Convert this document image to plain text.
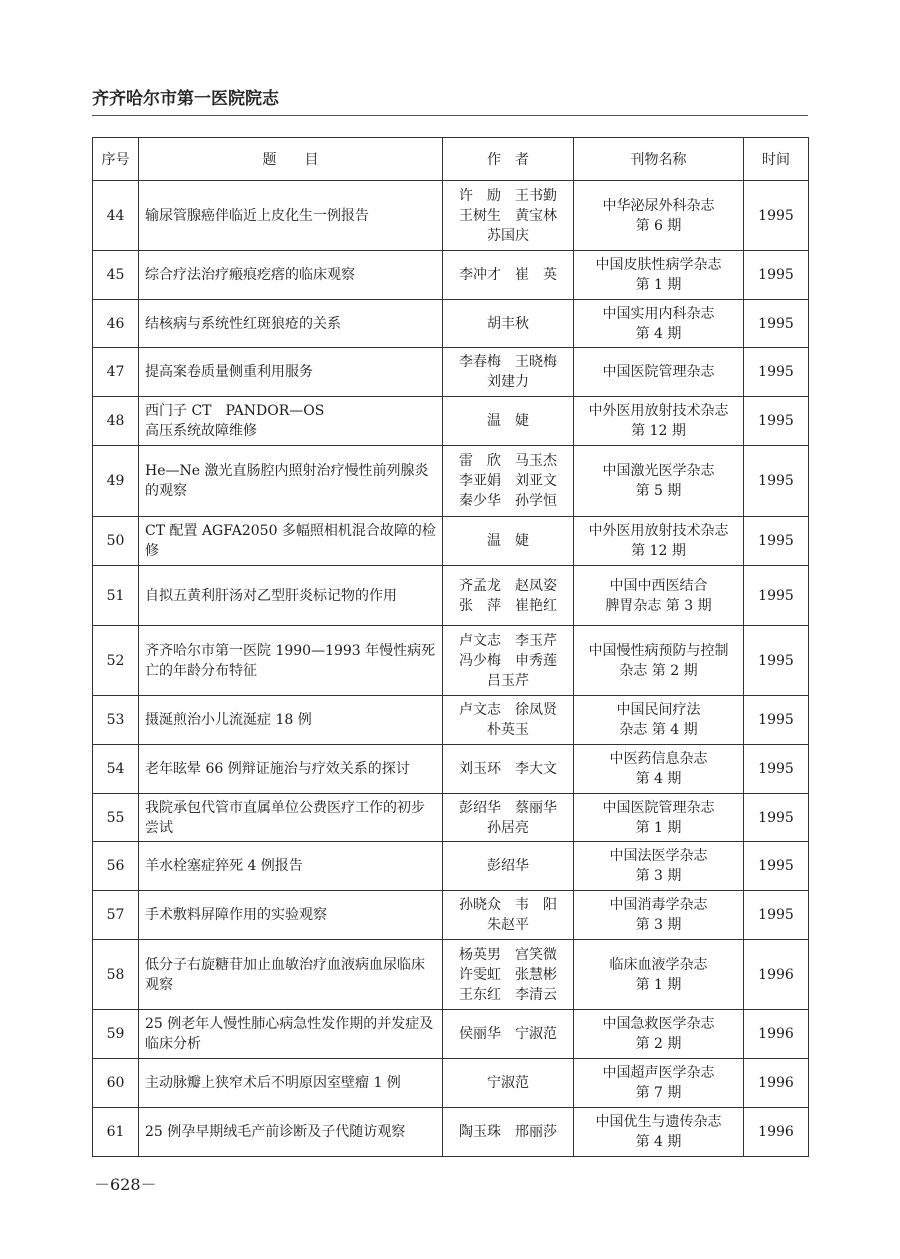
齐齐哈尔市第一医院院志
序号	题　　目	作　者	刊物名称	时间
44	输尿管腺癌伴临近上皮化生一例报告	许　励　王书勤
王树生　黄宝林
苏国庆	中华泌尿外科杂志
第 6 期	1995
45	综合疗法治疗瘢痕疙瘩的临床观察	李冲才　崔　英	中国皮肤性病学杂志
第 1 期	1995
46	结核病与系统性红斑狼疮的关系	胡丰秋	中国实用内科杂志
第 4 期	1995
47	提高案卷质量侧重利用服务	李春梅　王晓梅
刘建力	中国医院管理杂志	1995
48	西门子 CT　PANDOR—OS
高压系统故障维修	温　婕	中外医用放射技术杂志
第 12 期	1995
49	He—Ne 激光直肠腔内照射治疗慢性前列腺炎的观察	雷　欣　马玉杰
李亚娟　刘亚文
秦少华　孙学恒	中国激光医学杂志
第 5 期	1995
50	CT 配置 AGFA2050 多幅照相机混合故障的检修	温　婕	中外医用放射技术杂志
第 12 期	1995
51	自拟五黄利肝汤对乙型肝炎标记物的作用	齐孟龙　赵凤姿
张　萍　崔艳红	中国中西医结合
脾胃杂志 第 3 期	1995
52	齐齐哈尔市第一医院 1990—1993 年慢性病死亡的年龄分布特征	卢文志　李玉芹
冯少梅　申秀莲
吕玉芹	中国慢性病预防与控制
杂志 第 2 期	1995
53	摄涎煎治小儿流涎症 18 例	卢文志　徐凤贤
朴英玉	中国民间疗法
杂志 第 4 期	1995
54	老年眩晕 66 例辩证施治与疗效关系的探讨	刘玉环　李大文	中医药信息杂志
第 4 期	1995
55	我院承包代管市直属单位公费医疗工作的初步尝试	彭绍华　蔡丽华
孙居亮	中国医院管理杂志
第 1 期	1995
56	羊水栓塞症猝死 4 例报告	彭绍华	中国法医学杂志
第 3 期	1995
57	手术敷料屏障作用的实验观察	孙晓众　韦　阳
朱赵平	中国消毒学杂志
第 3 期	1995
58	低分子右旋糖苷加止血敏治疗血液病血尿临床观察	杨英男　宫笑微
许雯虹　张慧彬
王东红　李清云	临床血液学杂志
第 1 期	1996
59	25 例老年人慢性肺心病急性发作期的并发症及临床分析	侯丽华　宁淑范	中国急救医学杂志
第 2 期	1996
60	主动脉瓣上狭窄术后不明原因室壁瘤 1 例	宁淑范	中国超声医学杂志
第 7 期	1996
61	25 例孕早期绒毛产前诊断及子代随访观察	陶玉珠　邢丽莎	中国优生与遗传杂志
第 4 期	1996
－628－
